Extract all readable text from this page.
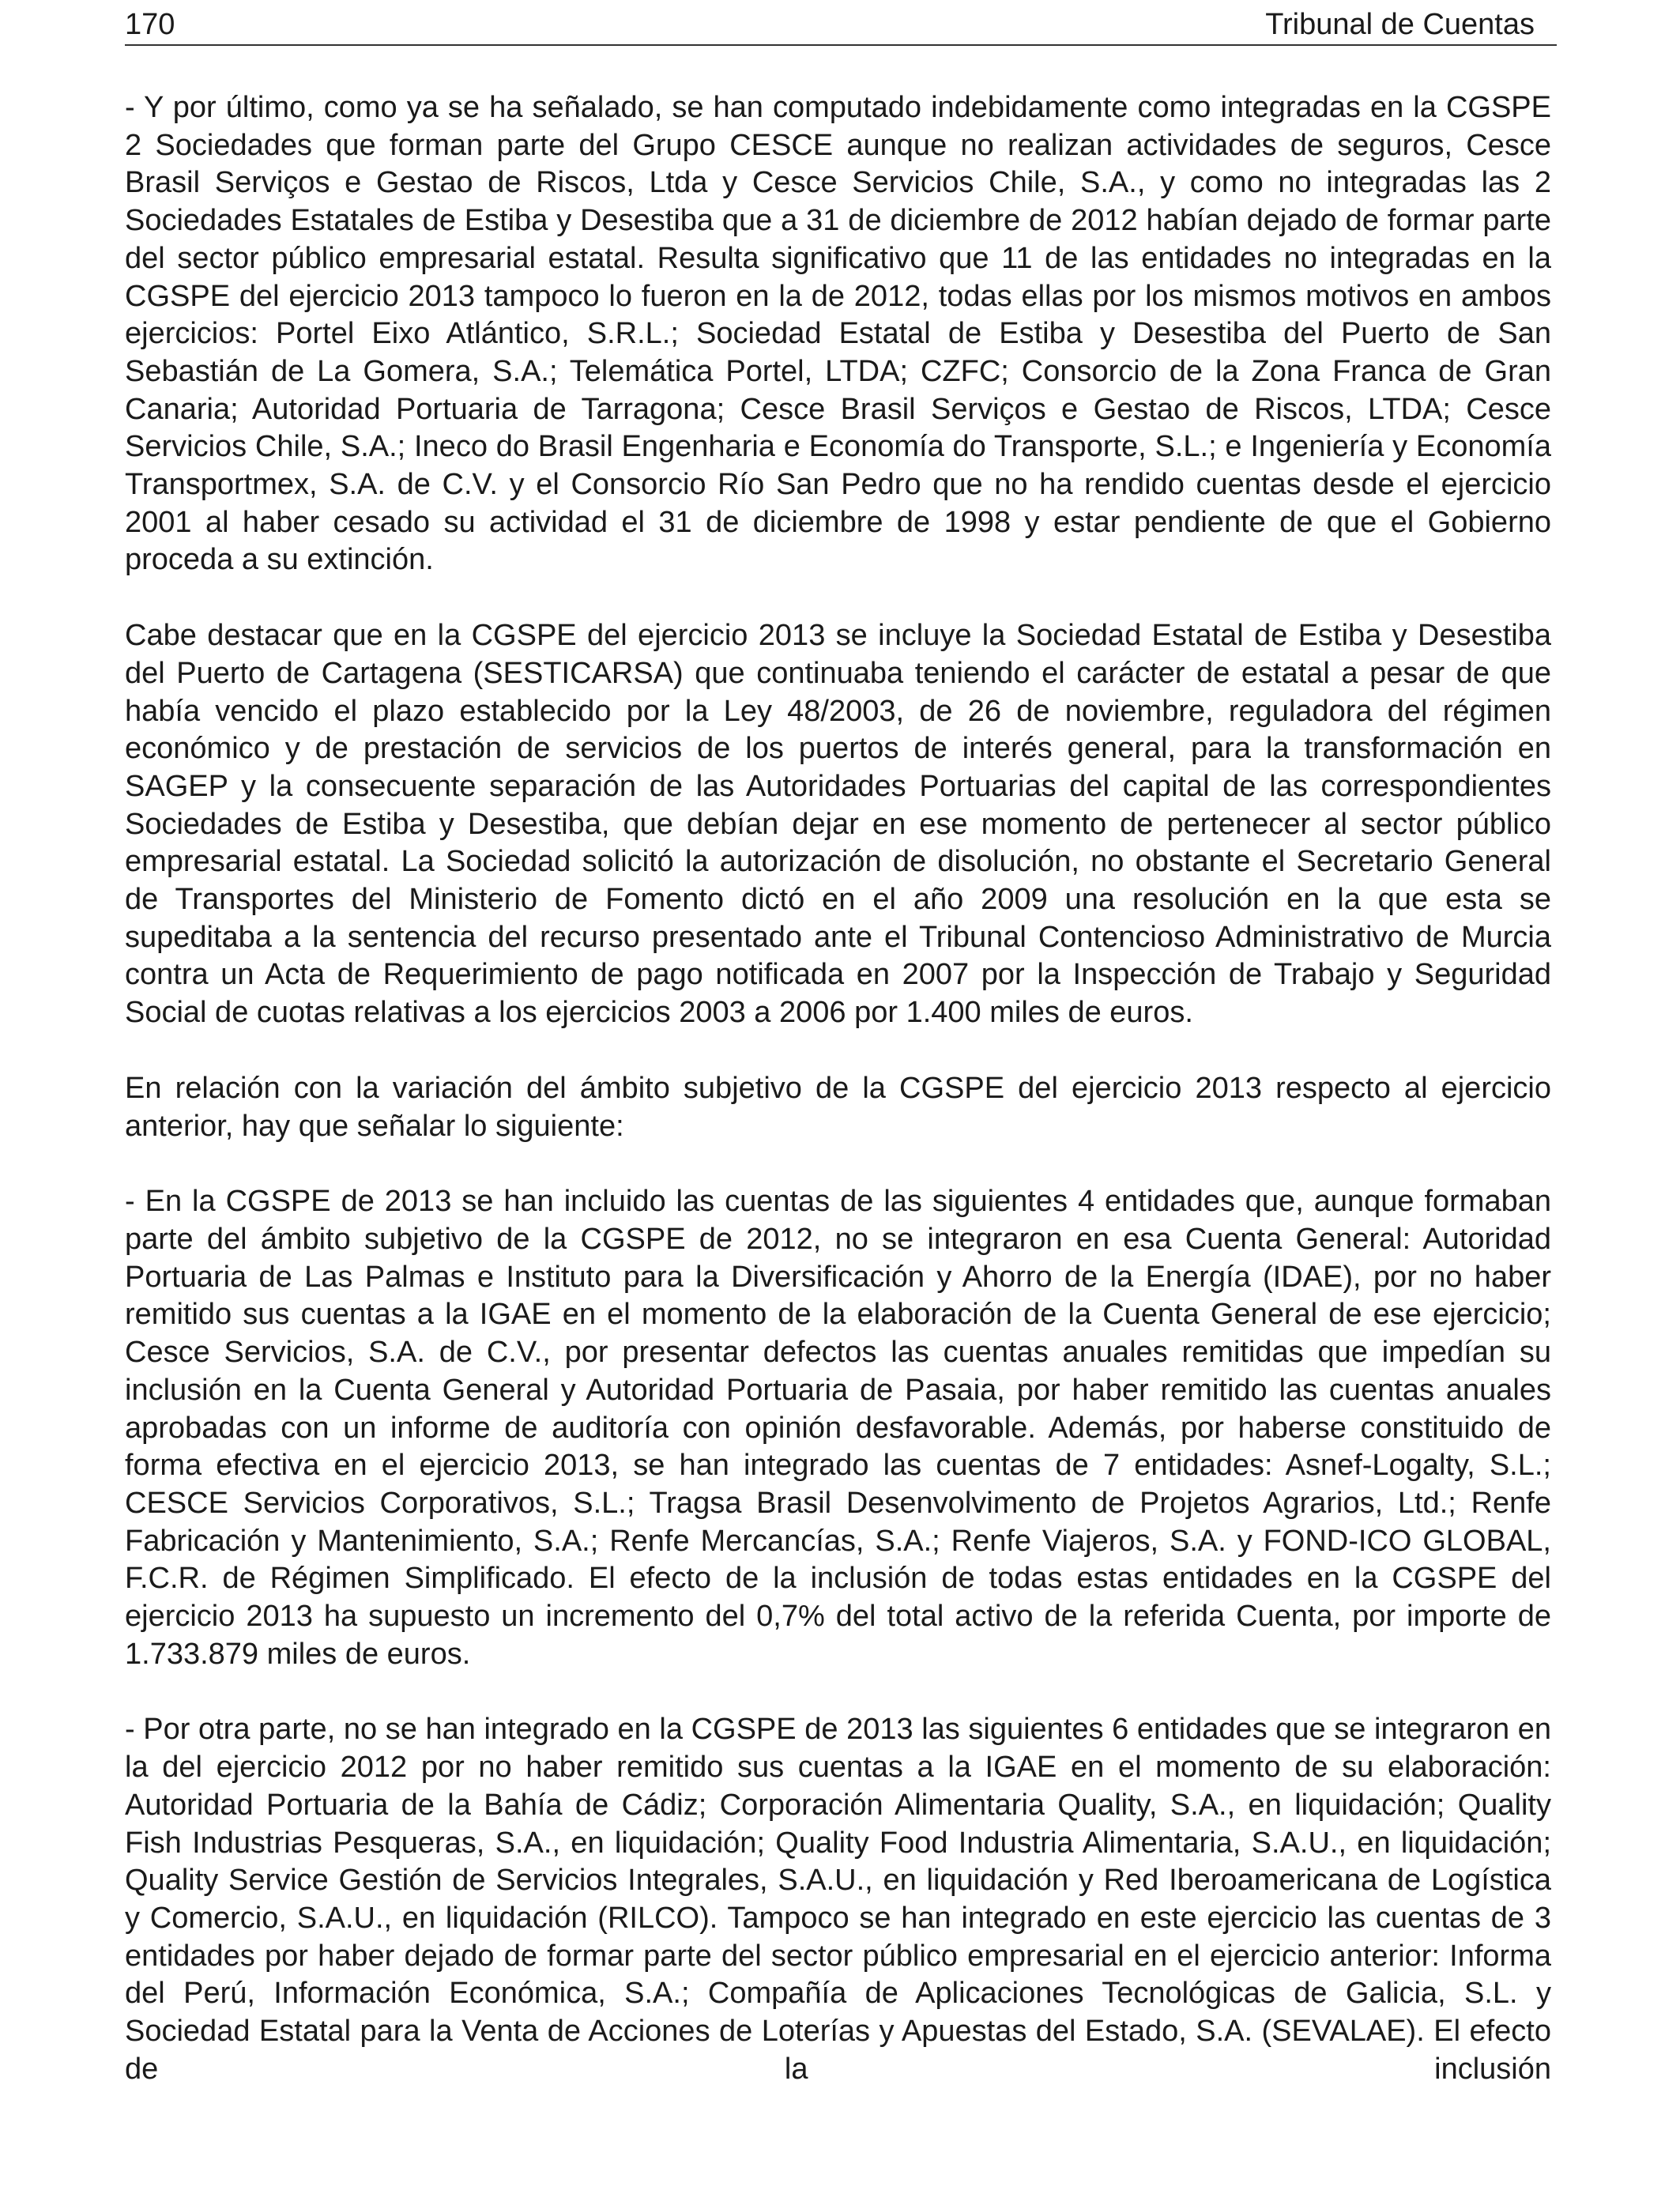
170	Tribunal de Cuentas

- Y por último, como ya se ha señalado, se han computado indebidamente como integradas en la CGSPE 2 Sociedades que forman parte del Grupo CESCE aunque no realizan actividades de seguros, Cesce Brasil Serviços e Gestao de Riscos, Ltda y Cesce Servicios Chile, S.A., y como no integradas las 2 Sociedades Estatales de Estiba y Desestiba que a 31 de diciembre de 2012 habían dejado de formar parte del sector público empresarial estatal. Resulta significativo que 11 de las entidades no integradas en la CGSPE del ejercicio 2013 tampoco lo fueron en la de 2012, todas ellas por los mismos motivos en ambos ejercicios: Portel Eixo Atlántico, S.R.L.; Sociedad Estatal de Estiba y Desestiba del Puerto de San Sebastián de La Gomera, S.A.; Telemática Portel, LTDA; CZFC; Consorcio de la Zona Franca de Gran Canaria; Autoridad Portuaria de Tarragona; Cesce Brasil Serviços e Gestao de Riscos, LTDA; Cesce Servicios Chile, S.A.; Ineco do Brasil Engenharia e Economía do Transporte, S.L.; e Ingeniería y Economía Transportmex, S.A. de C.V. y el Consorcio Río San Pedro que no ha rendido cuentas desde el ejercicio 2001 al haber cesado su actividad el 31 de diciembre de 1998 y estar pendiente de que el Gobierno proceda a su extinción.

Cabe destacar que en la CGSPE del ejercicio 2013 se incluye la Sociedad Estatal de Estiba y Desestiba del Puerto de Cartagena (SESTICARSA) que continuaba teniendo el carácter de estatal a pesar de que había vencido el plazo establecido por la Ley 48/2003, de 26 de noviembre, reguladora del régimen económico y de prestación de servicios de los puertos de interés general, para la transformación en SAGEP y la consecuente separación de las Autoridades Portuarias del capital de las correspondientes Sociedades de Estiba y Desestiba, que debían dejar en ese momento de pertenecer al sector público empresarial estatal. La Sociedad solicitó la autorización de disolución, no obstante el Secretario General de Transportes del Ministerio de Fomento dictó en el año 2009 una resolución en la que esta se supeditaba a la sentencia del recurso presentado ante el Tribunal Contencioso Administrativo de Murcia contra un Acta de Requerimiento de pago notificada en 2007 por la Inspección de Trabajo y Seguridad Social de cuotas relativas a los ejercicios 2003 a 2006 por 1.400 miles de euros.

En relación con la variación del ámbito subjetivo de la CGSPE del ejercicio 2013 respecto al ejercicio anterior, hay que señalar lo siguiente:

- En la CGSPE de 2013 se han incluido las cuentas de las siguientes 4 entidades que, aunque formaban parte del ámbito subjetivo de la CGSPE de 2012, no se integraron en esa Cuenta General: Autoridad Portuaria de Las Palmas e Instituto para la Diversificación y Ahorro de la Energía (IDAE), por no haber remitido sus cuentas a la IGAE en el momento de la elaboración de la Cuenta General de ese ejercicio; Cesce Servicios, S.A. de C.V., por presentar defectos las cuentas anuales remitidas que impedían su inclusión en la Cuenta General y Autoridad Portuaria de Pasaia, por haber remitido las cuentas anuales aprobadas con un informe de auditoría con opinión desfavorable. Además, por haberse constituido de forma efectiva en el ejercicio 2013, se han integrado las cuentas de 7 entidades: Asnef-Logalty, S.L.; CESCE Servicios Corporativos, S.L.; Tragsa Brasil Desenvolvimento de Projetos Agrarios, Ltd.; Renfe Fabricación y Mantenimiento, S.A.; Renfe Mercancías, S.A.; Renfe Viajeros, S.A. y FOND-ICO GLOBAL, F.C.R. de Régimen Simplificado. El efecto de la inclusión de todas estas entidades en la CGSPE del ejercicio 2013 ha supuesto un incremento del 0,7% del total activo de la referida Cuenta, por importe de 1.733.879 miles de euros.

- Por otra parte, no se han integrado en la CGSPE de 2013 las siguientes 6 entidades que se integraron en la del ejercicio 2012 por no haber remitido sus cuentas a la IGAE en el momento de su elaboración: Autoridad Portuaria de la Bahía de Cádiz; Corporación Alimentaria Quality, S.A., en liquidación; Quality Fish Industrias Pesqueras, S.A., en liquidación; Quality Food Industria Alimentaria, S.A.U., en liquidación; Quality Service Gestión de Servicios Integrales, S.A.U., en liquidación y Red Iberoamericana de Logística y Comercio, S.A.U., en liquidación (RILCO). Tampoco se han integrado en este ejercicio las cuentas de 3 entidades por haber dejado de formar parte del sector público empresarial en el ejercicio anterior: Informa del Perú, Información Económica, S.A.; Compañía de Aplicaciones Tecnológicas de Galicia, S.L. y Sociedad Estatal para la Venta de Acciones de Loterías y Apuestas del Estado, S.A. (SEVALAE). El efecto de la inclusión
